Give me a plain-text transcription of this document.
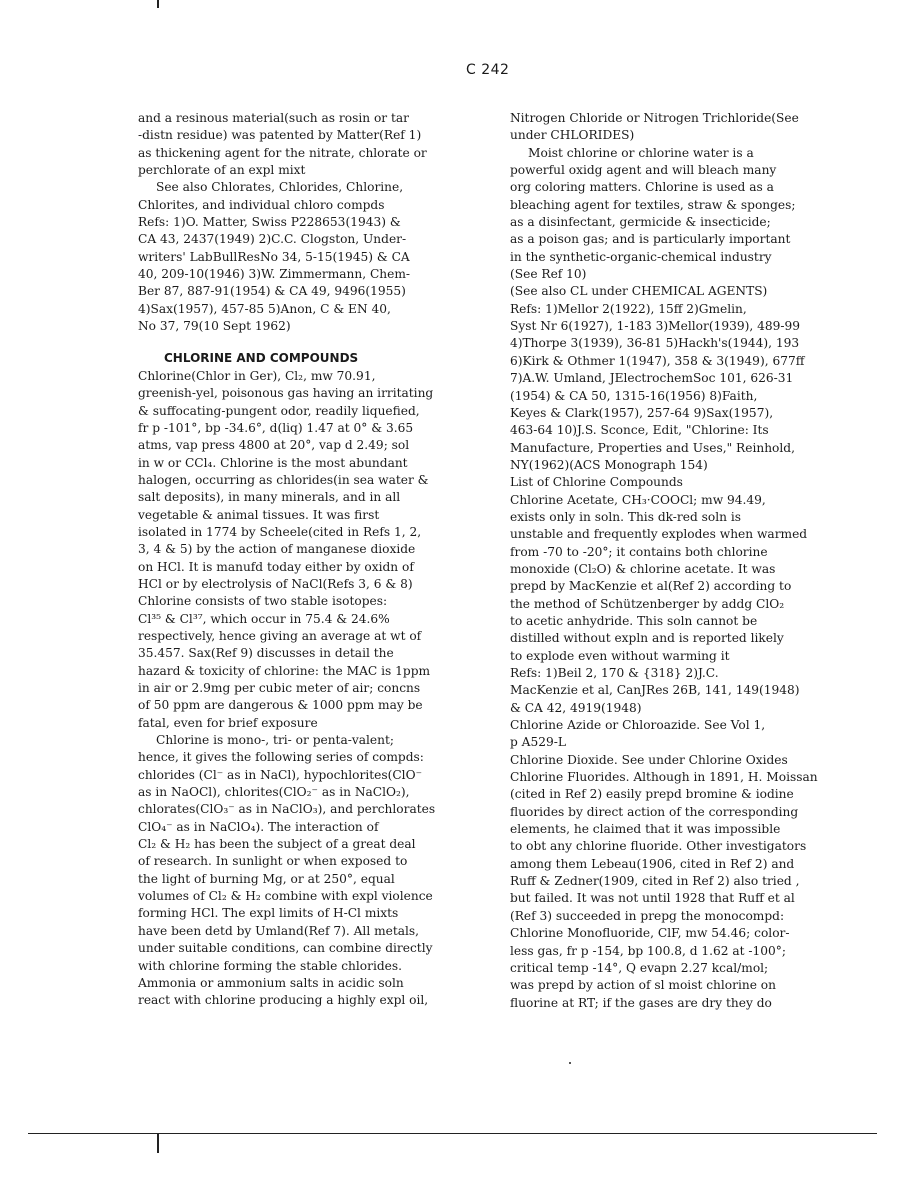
C 242
and a resinous material(such as rosin or tar
-distn residue) was patented by Matter(Ref 1)
as thickening agent for the nitrate, chlorate or
perchlorate of an expl mixt
See also Chlorates, Chlorides, Chlorine,
Chlorites, and individual chloro compds
Refs: 1)O. Matter, Swiss P228653(1943) &
CA 43, 2437(1949) 2)C.C. Clogston, Under-
writers' LabBullResNo 34, 5-15(1945) & CA
40, 209-10(1946) 3)W. Zimmermann, Chem-
Ber 87, 887-91(1954) & CA 49, 9496(1955)
4)Sax(1957), 457-85 5)Anon, C & EN 40,
No 37, 79(10 Sept 1962)
CHLORINE AND COMPOUNDS
Chlorine(Chlor in Ger), Cl₂, mw 70.91,
greenish-yel, poisonous gas having an irritating
& suffocating-pungent odor, readily liquefied,
fr p -101°, bp -34.6°, d(liq) 1.47 at 0° & 3.65
atms, vap press 4800 at 20°, vap d 2.49; sol
in w or CCl₄. Chlorine is the most abundant
halogen, occurring as chlorides(in sea water &
salt deposits), in many minerals, and in all
vegetable & animal tissues. It was first
isolated in 1774 by Scheele(cited in Refs 1, 2,
3, 4 & 5) by the action of manganese dioxide
on HCl. It is manufd today either by oxidn of
HCl or by electrolysis of NaCl(Refs 3, 6 & 8)
Chlorine consists of two stable isotopes:
Cl³⁵ & Cl³⁷, which occur in 75.4 & 24.6%
respectively, hence giving an average at wt of
35.457. Sax(Ref 9) discusses in detail the
hazard & toxicity of chlorine: the MAC is 1ppm
in air or 2.9mg per cubic meter of air; concns
of 50 ppm are dangerous & 1000 ppm may be
fatal, even for brief exposure
Chlorine is mono-, tri- or penta-valent;
hence, it gives the following series of compds:
chlorides (Cl⁻ as in NaCl), hypochlorites(ClO⁻
as in NaOCl), chlorites(ClO₂⁻ as in NaClO₂),
chlorates(ClO₃⁻ as in NaClO₃), and perchlorates
ClO₄⁻ as in NaClO₄). The interaction of
Cl₂ & H₂ has been the subject of a great deal
of research. In sunlight or when exposed to
the light of burning Mg, or at 250°, equal
volumes of Cl₂ & H₂ combine with expl violence
forming HCl. The expl limits of H-Cl mixts
have been detd by Umland(Ref 7). All metals,
under suitable conditions, can combine directly
with chlorine forming the stable chlorides.
Ammonia or ammonium salts in acidic soln
react with chlorine producing a highly expl oil,
Nitrogen Chloride or Nitrogen Trichloride(See
under CHLORIDES)
Moist chlorine or chlorine water is a
powerful oxidg agent and will bleach many
org coloring matters. Chlorine is used as a
bleaching agent for textiles, straw & sponges;
as a disinfectant, germicide & insecticide;
as a poison gas; and is particularly important
in the synthetic-organic-chemical industry
(See Ref 10)
(See also CL under CHEMICAL AGENTS)
Refs: 1)Mellor 2(1922), 15ff 2)Gmelin,
Syst Nr 6(1927), 1-183 3)Mellor(1939), 489-99
4)Thorpe 3(1939), 36-81 5)Hackh's(1944), 193
6)Kirk & Othmer 1(1947), 358 & 3(1949), 677ff
7)A.W. Umland, JElectrochemSoc 101, 626-31
(1954) & CA 50, 1315-16(1956) 8)Faith,
Keyes & Clark(1957), 257-64 9)Sax(1957),
463-64 10)J.S. Sconce, Edit, "Chlorine: Its
Manufacture, Properties and Uses," Reinhold,
NY(1962)(ACS Monograph 154)
List of Chlorine Compounds
Chlorine Acetate, CH₃·COOCl; mw 94.49,
exists only in soln. This dk-red soln is
unstable and frequently explodes when warmed
from -70 to -20°; it contains both chlorine
monoxide (Cl₂O) & chlorine acetate. It was
prepd by MacKenzie et al(Ref 2) according to
the method of Schützenberger by addg ClO₂
to acetic anhydride. This soln cannot be
distilled without expln and is reported likely
to explode even without warming it
Refs: 1)Beil 2, 170 & {318} 2)J.C.
MacKenzie et al, CanJRes 26B, 141, 149(1948)
& CA 42, 4919(1948)
Chlorine Azide or Chloroazide. See Vol 1,
p A529-L
Chlorine Dioxide. See under Chlorine Oxides
Chlorine Fluorides. Although in 1891, H. Moissan
(cited in Ref 2) easily prepd bromine & iodine
fluorides by direct action of the corresponding
elements, he claimed that it was impossible
to obt any chlorine fluoride. Other investigators
among them Lebeau(1906, cited in Ref 2) and
Ruff & Zedner(1909, cited in Ref 2) also tried ,
but failed. It was not until 1928 that Ruff et al
(Ref 3) succeeded in prepg the monocompd:
Chlorine Monofluoride, ClF, mw 54.46; color-
less gas, fr p -154, bp 100.8, d 1.62 at -100°;
critical temp -14°, Q evapn 2.27 kcal/mol;
was prepd by action of sl moist chlorine on
fluorine at RT; if the gases are dry they do
